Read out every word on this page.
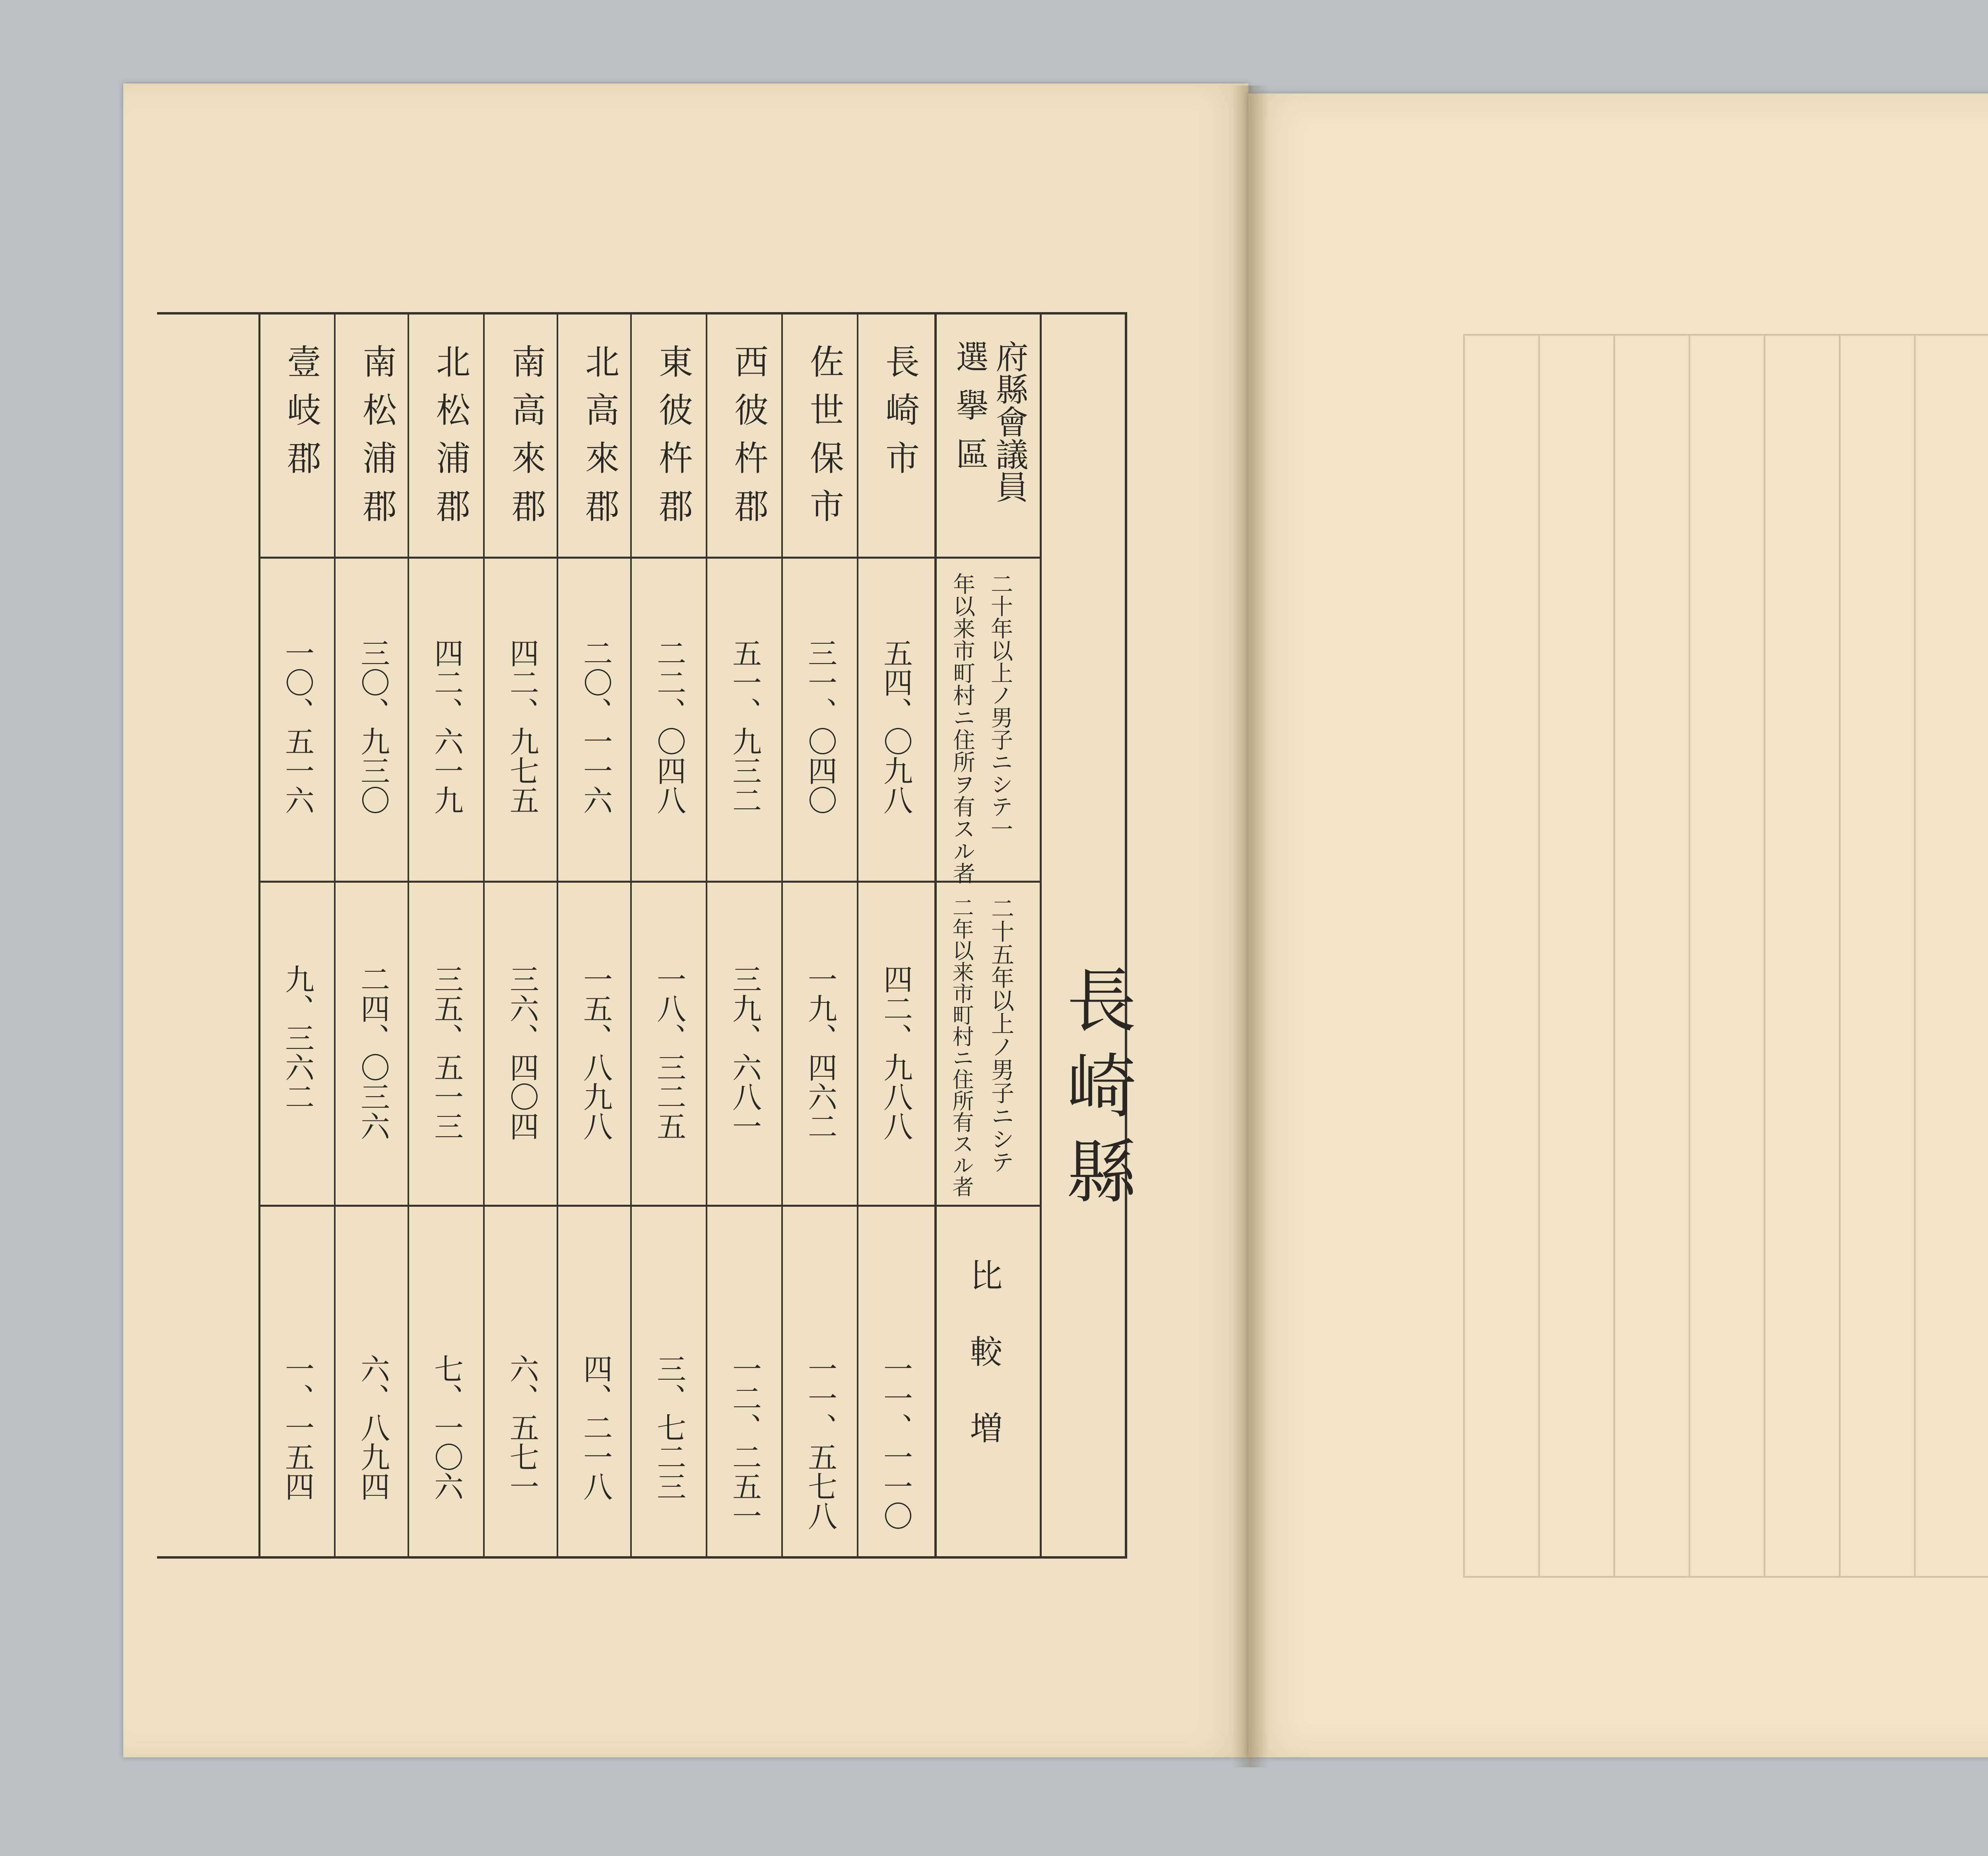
長崎縣
府縣會議員
選擧區
二十年以上ノ男子ニシテ一
年以来市町村ニ住所ヲ有スル者
二十五年以上ノ男子ニシテ
二年以来市町村ニ住所有スル者
比較増
長崎市
五四、〇九八
四二、九八八
一一、一一〇
佐世保市
三一、〇四〇
一九、四六二
一一、五七八
西彼杵郡
五一、九三二
三九、六八一
一二、二五一
東彼杵郡
二二、〇四八
一八、三二五
三、七二三
北高來郡
二〇、一一六
一五、八九八
四、二一八
南高來郡
四二、九七五
三六、四〇四
六、五七一
北松浦郡
四二、六一九
三五、五一三
七、一〇六
南松浦郡
三〇、九三〇
二四、〇三六
六、八九四
壹岐郡
一〇、五一六
九、三六二
一、一五四
